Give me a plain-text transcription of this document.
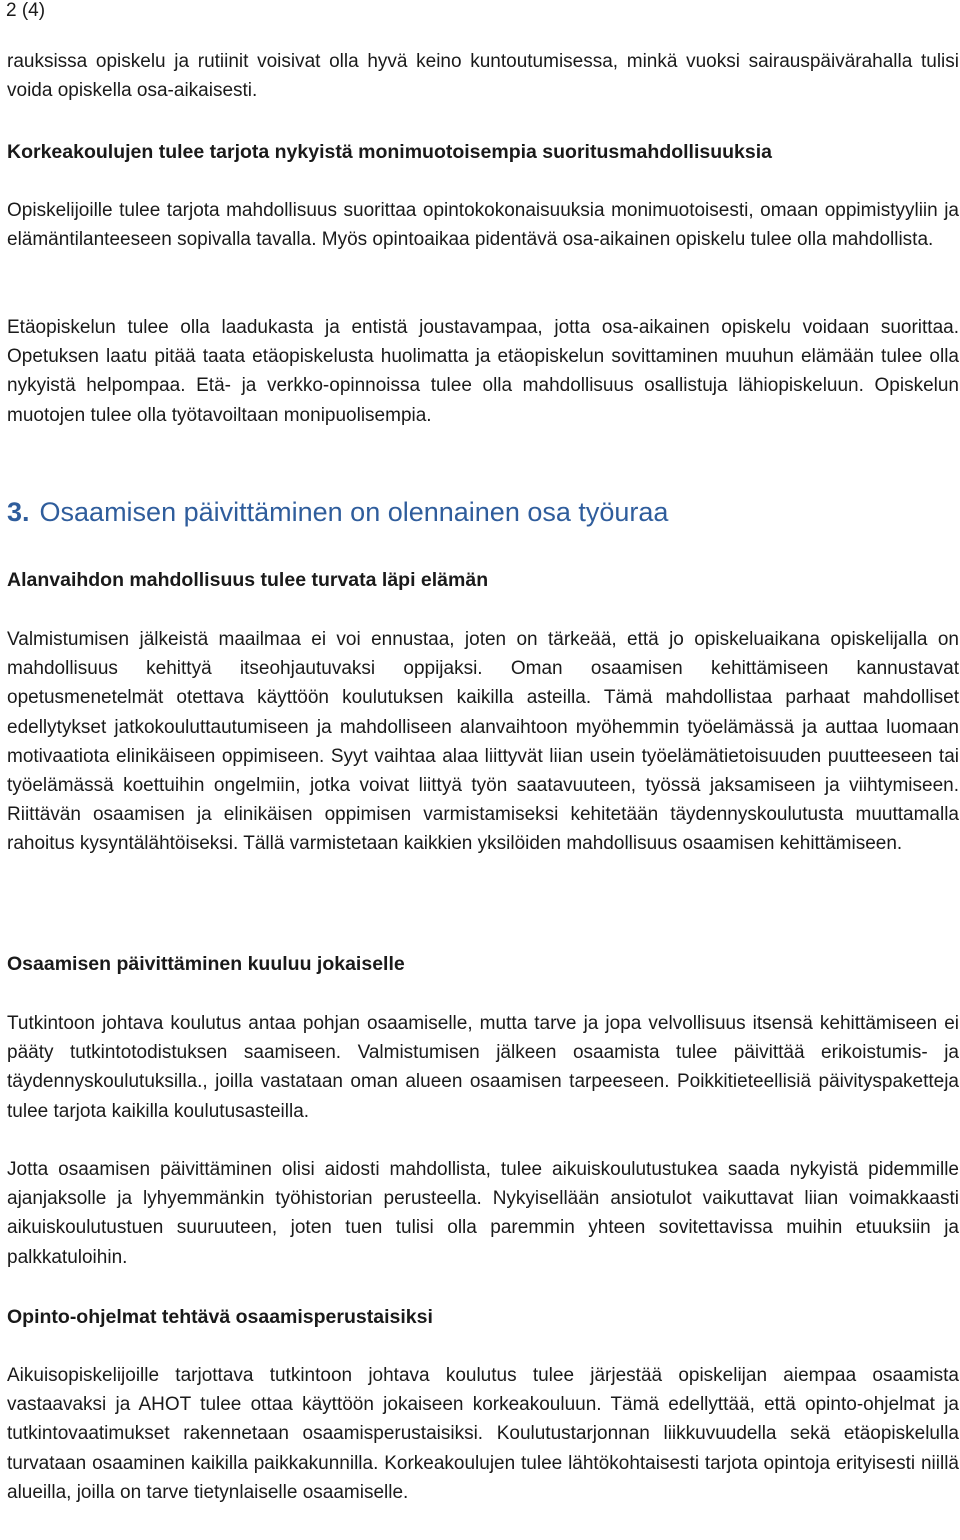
2 (4)

rauksissa opiskelu ja rutiinit voisivat olla hyvä keino kuntoutumisessa, minkä vuoksi sairauspäivärahalla tulisi voida opiskella osa-aikaisesti.

Korkeakoulujen tulee tarjota nykyistä monimuotoisempia suoritusmahdollisuuksia

Opiskelijoille tulee tarjota mahdollisuus suorittaa opintokokonaisuuksia monimuotoisesti, omaan oppimistyyliin ja elämäntilanteeseen sopivalla tavalla. Myös opintoaikaa pidentävä osa-aikainen opiskelu tulee olla mahdollista.

Etäopiskelun tulee olla laadukasta ja entistä joustavampaa, jotta osa-aikainen opiskelu voidaan suorittaa. Opetuksen laatu pitää taata etäopiskelusta huolimatta ja etäopiskelun sovittaminen muuhun elämään tulee olla nykyistä helpompaa. Etä- ja verkko-opinnoissa tulee olla mahdollisuus osallistuja lähiopiskeluun. Opiskelun muotojen tulee olla työtavoiltaan monipuolisempia.

3. Osaamisen päivittäminen on olennainen osa työuraa
Alanvaihdon mahdollisuus tulee turvata läpi elämän

Valmistumisen jälkeistä maailmaa ei voi ennustaa, joten on tärkeää, että jo opiskeluaikana opiskelijalla on mahdollisuus kehittyä itseohjautuvaksi oppijaksi. Oman osaamisen kehittämiseen kannustavat opetusmenetelmät otettava käyttöön koulutuksen kaikilla asteilla. Tämä mahdollistaa parhaat mahdolliset edellytykset jatkokouluttautumiseen ja mahdolliseen alanvaihtoon myöhemmin työelämässä ja auttaa luomaan motivaatiota elinikäiseen oppimiseen. Syyt vaihtaa alaa liittyvät liian usein työelämätietoisuuden puutteeseen tai työelämässä koettuihin ongelmiin, jotka voivat liittyä työn saatavuuteen, työssä jaksamiseen ja viihtymiseen. Riittävän osaamisen ja elinikäisen oppimisen varmistamiseksi kehitetään täydennyskoulutusta muuttamalla rahoitus kysyntälähtöiseksi. Tällä varmistetaan kaikkien yksilöiden mahdollisuus osaamisen kehittämiseen.

Osaamisen päivittäminen kuuluu jokaiselle

Tutkintoon johtava koulutus antaa pohjan osaamiselle, mutta tarve ja jopa velvollisuus itsensä kehittämiseen ei pääty tutkintotodistuksen saamiseen. Valmistumisen jälkeen osaamista tulee päivittää erikoistumis- ja täydennyskoulutuksilla., joilla vastataan oman alueen osaamisen tarpeeseen. Poikkitieteellisiä päivityspaketteja tulee tarjota kaikilla koulutusasteilla.

Jotta osaamisen päivittäminen olisi aidosti mahdollista, tulee aikuiskoulutustukea saada nykyistä pidemmille ajanjaksolle ja lyhyemmänkin työhistorian perusteella. Nykyisellään ansiotulot vaikuttavat liian voimakkaasti aikuiskoulutustuen suuruuteen, joten tuen tulisi olla paremmin yhteen sovitettavissa muihin etuuksiin ja palkkatuloihin.

Opinto-ohjelmat tehtävä osaamisperustaisiksi

Aikuisopiskelijoille tarjottava tutkintoon johtava koulutus tulee järjestää opiskelijan aiempaa osaamista vastaavaksi ja AHOT tulee ottaa käyttöön jokaiseen korkeakouluun. Tämä edellyttää, että opinto-ohjelmat ja tutkintovaatimukset rakennetaan osaamisperustaisiksi. Koulutustarjonnan liikkuvuudella sekä etäopiskelulla turvataan osaaminen kaikilla paikkakunnilla. Korkeakoulujen tulee lähtökohtaisesti tarjota opintoja erityisesti niillä alueilla, joilla on tarve tietynlaiselle osaamiselle.
